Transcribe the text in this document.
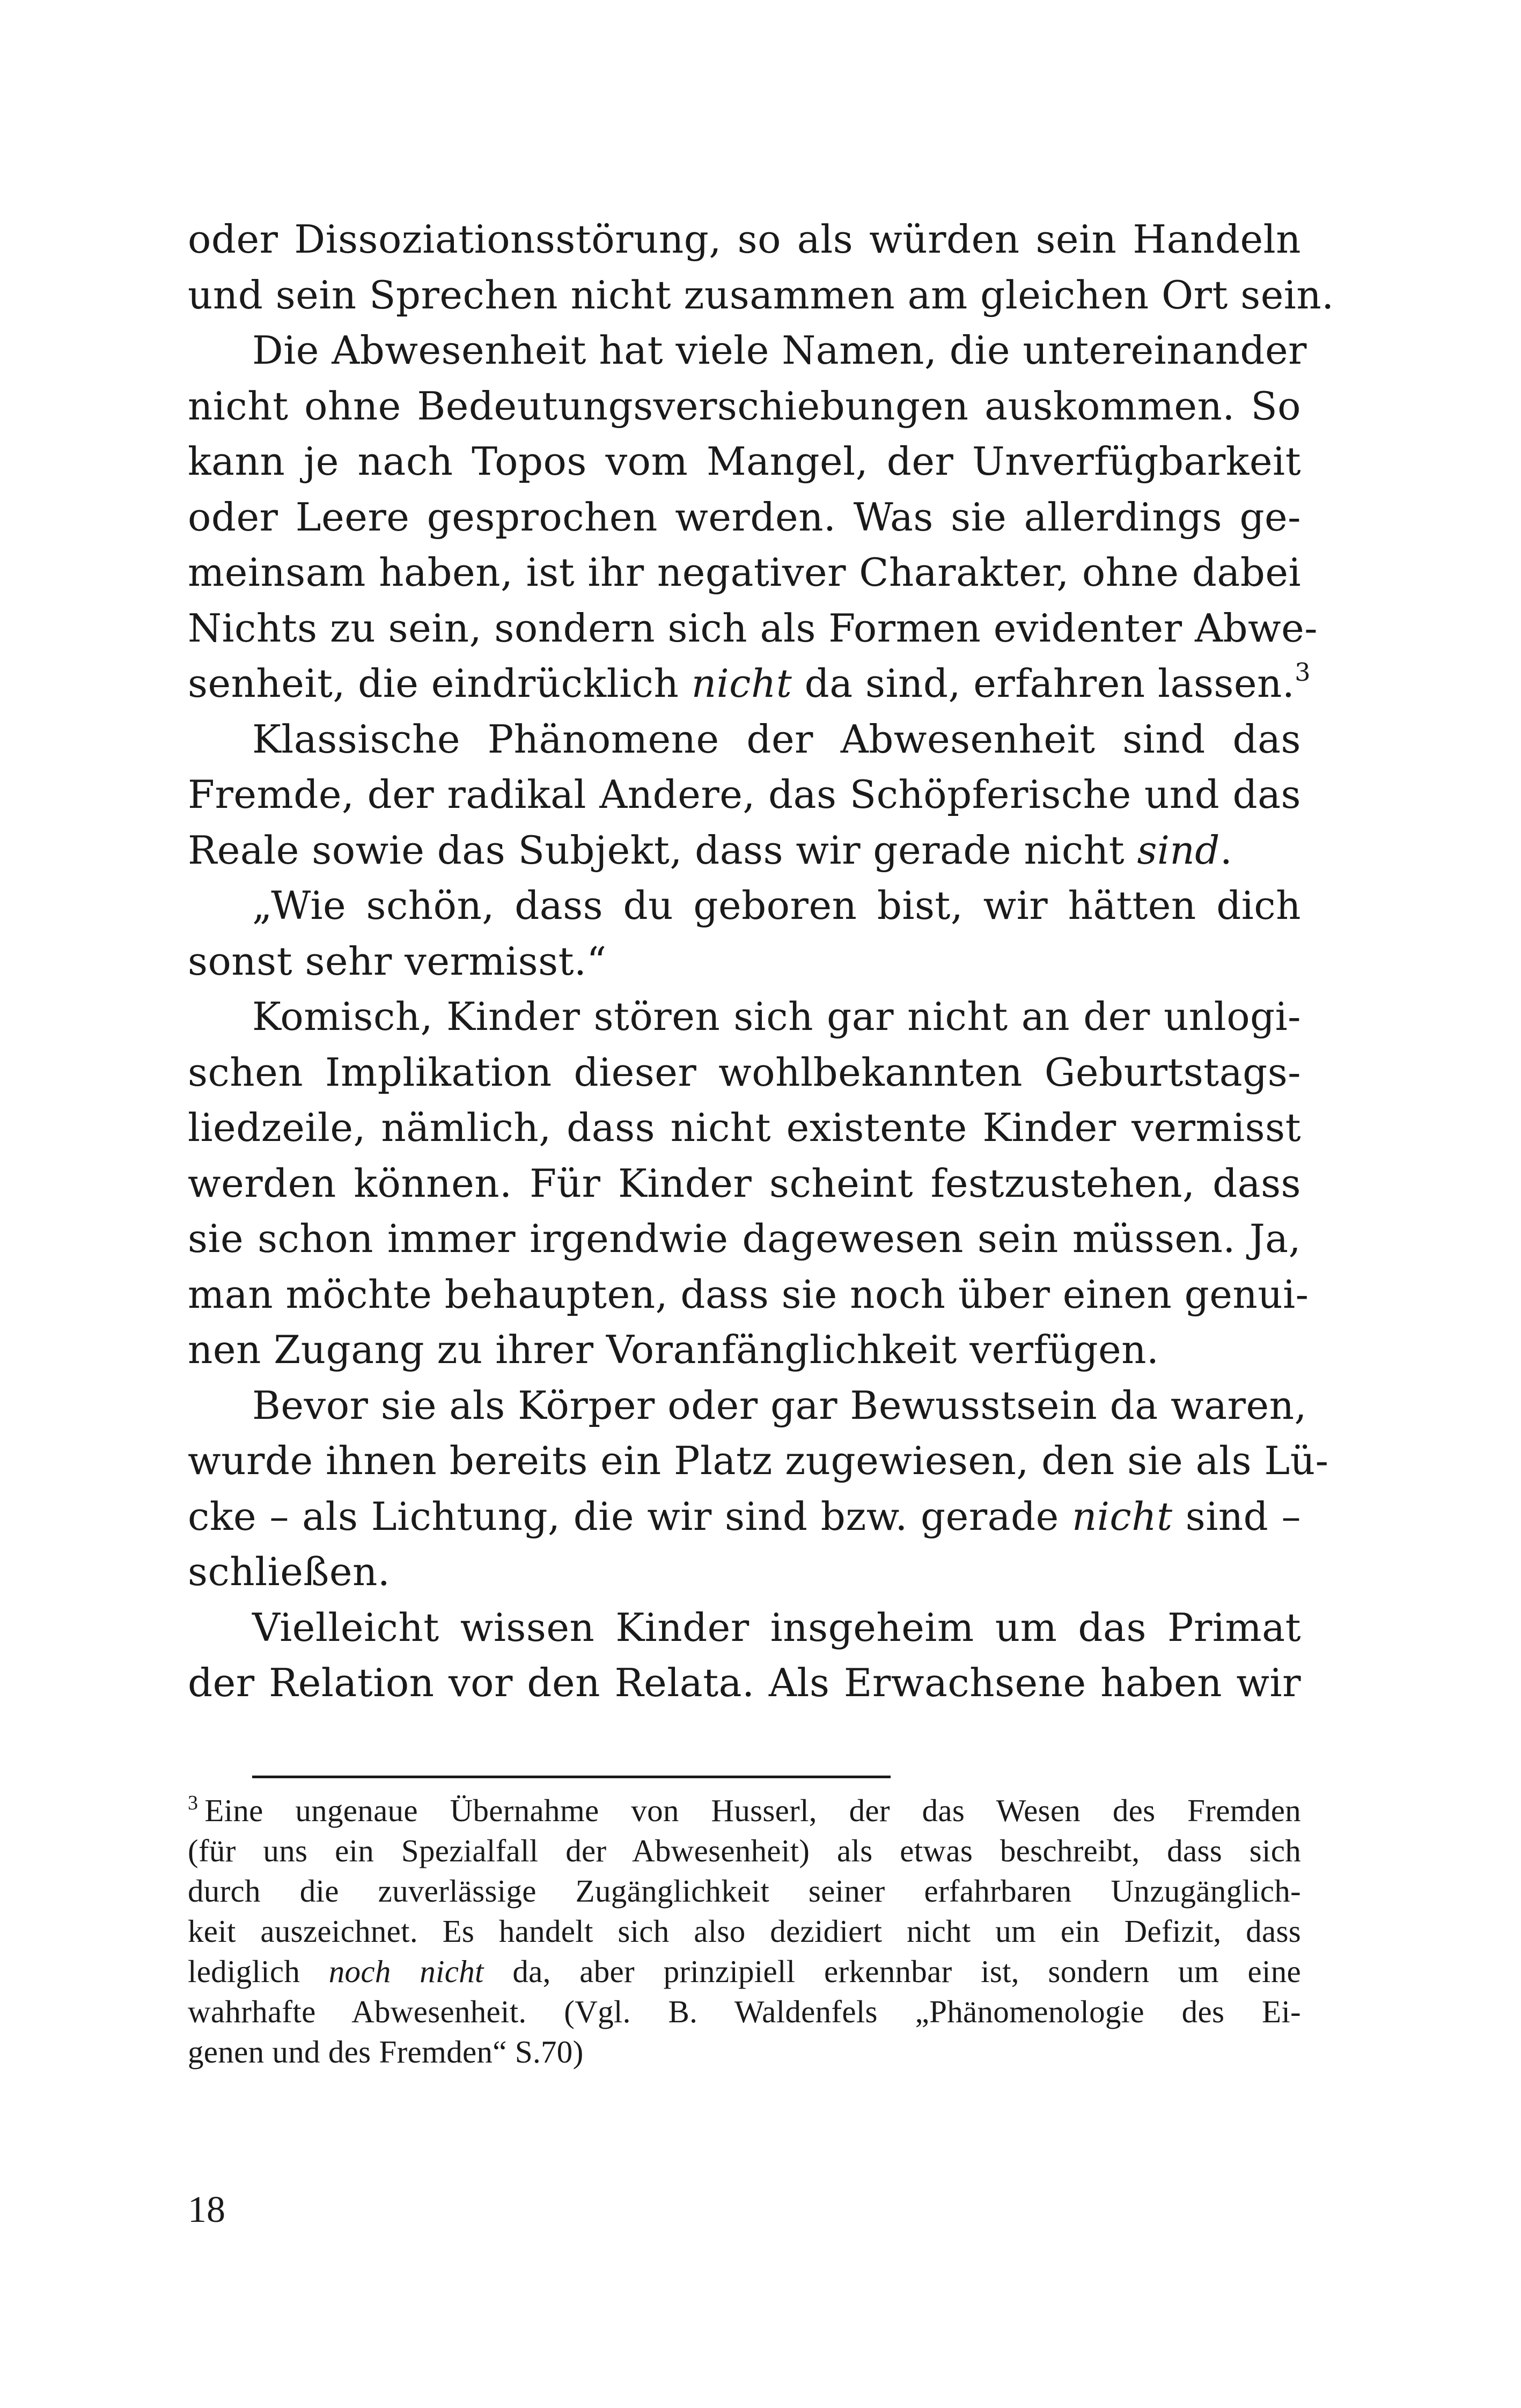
oder Dissoziationsstörung, so als würden sein Handeln
und sein Sprechen nicht zusammen am gleichen Ort sein.
Die Abwesenheit hat viele Namen, die untereinander
nicht ohne Bedeutungsverschiebungen auskommen. So
kann je nach Topos vom Mangel, der Unverfügbarkeit
oder Leere gesprochen werden. Was sie allerdings ge-
meinsam haben, ist ihr negativer Charakter, ohne dabei
Nichts zu sein, sondern sich als Formen evidenter Abwe-
senheit, die eindrücklich nicht da sind, erfahren lassen.$^3$
Klassische Phänomene der Abwesenheit sind das
Fremde, der radikal Andere, das Schöpferische und das
Reale sowie das Subjekt, dass wir gerade nicht sind.
„Wie schön, dass du geboren bist, wir hätten dich
sonst sehr vermisst.“
Komisch, Kinder stören sich gar nicht an der unlogi-
schen Implikation dieser wohlbekannten Geburtstags-
liedzeile, nämlich, dass nicht existente Kinder vermisst
werden können. Für Kinder scheint festzustehen, dass
sie schon immer irgendwie dagewesen sein müssen. Ja,
man möchte behaupten, dass sie noch über einen genui-
nen Zugang zu ihrer Voranfänglichkeit verfügen.
Bevor sie als Körper oder gar Bewusstsein da waren,
wurde ihnen bereits ein Platz zugewiesen, den sie als Lü-
cke – als Lichtung, die wir sind bzw. gerade nicht sind –
schließen.
Vielleicht wissen Kinder insgeheim um das Primat
der Relation vor den Relata. Als Erwachsene haben wir
$^3$ Eine ungenaue Übernahme von Husserl, der das Wesen des Fremden
(für uns ein Spezialfall der Abwesenheit) als etwas beschreibt, dass sich
durch die zuverlässige Zugänglichkeit seiner erfahrbaren Unzugänglich-
keit auszeichnet. Es handelt sich also dezidiert nicht um ein Defizit, dass
lediglich noch nicht da, aber prinzipiell erkennbar ist, sondern um eine
wahrhafte Abwesenheit. (Vgl. B. Waldenfels „Phänomenologie des Ei-
genen und des Fremden“ S.70)
18
